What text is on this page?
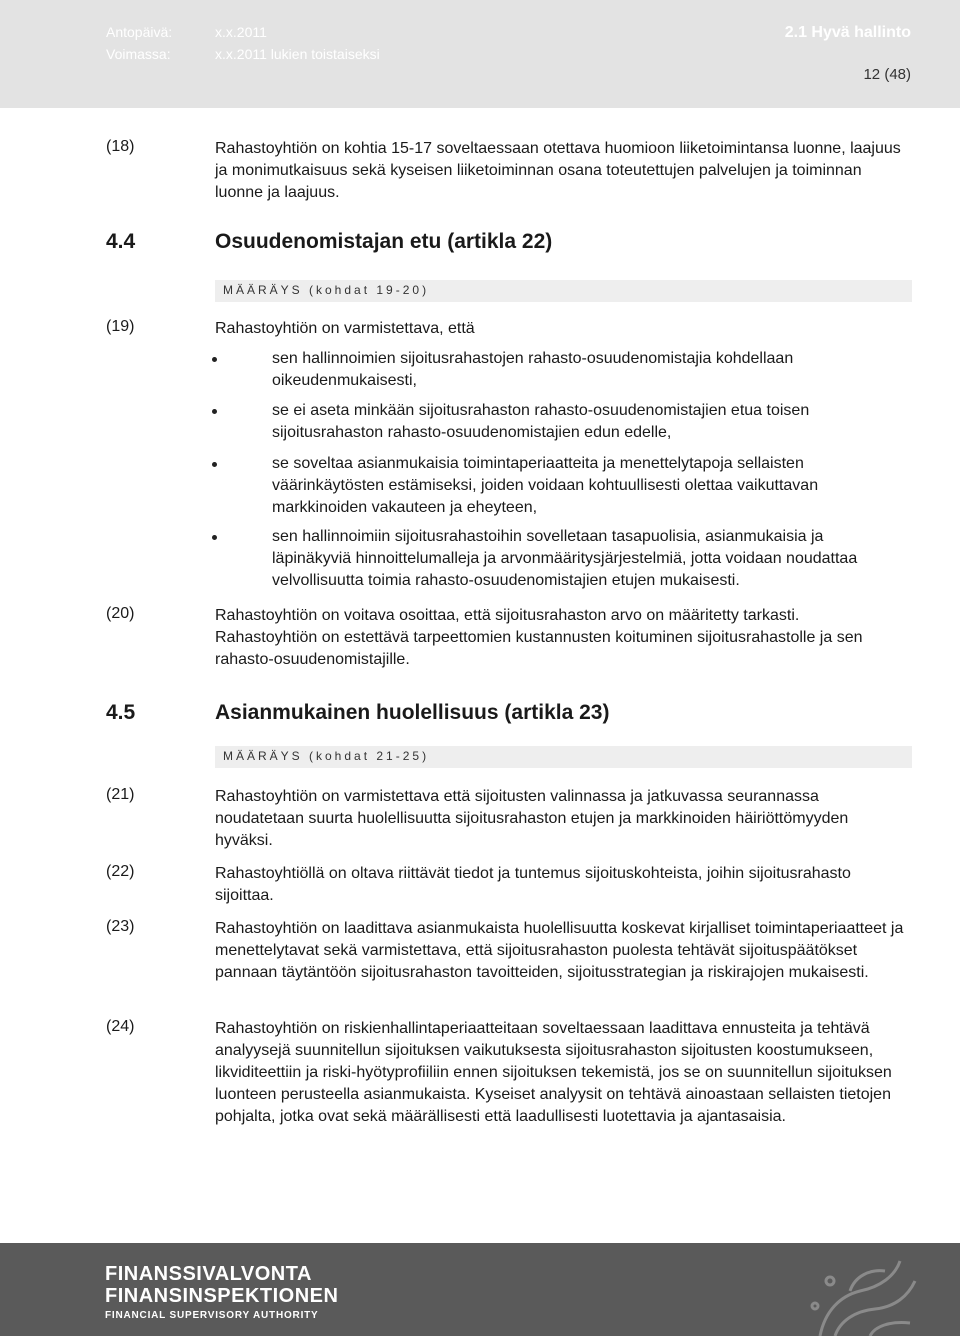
Antopäivä:	x.x.2011
Voimassa:	x.x.2011 lukien toistaiseksi
2.1 Hyvä hallinto
12 (48)
(18)	Rahastoyhtiön on kohtia 15-17 soveltaessaan otettava huomioon liiketoimintansa luonne, laajuus ja monimutkaisuus sekä kyseisen liiketoiminnan osana toteutettujen palvelujen ja toiminnan luonne ja laajuus.

4.4	Osuudenomistajan etu (artikla 22)
MÄÄRÄYS (kohdat 19-20)
(19)	Rahastoyhtiön on varmistettava, että

sen hallinnoimien sijoitusrahastojen rahasto-osuudenomistajia kohdellaan oikeudenmukaisesti,
se ei aseta minkään sijoitusrahaston rahasto-osuudenomistajien etua toisen sijoitusrahaston rahasto-osuudenomistajien edun edelle,
se soveltaa asianmukaisia toimintaperiaatteita ja menettelytapoja sellaisten väärinkäytösten estämiseksi, joiden voidaan kohtuullisesti olettaa vaikuttavan markkinoiden vakauteen ja eheyteen,
sen hallinnoimiin sijoitusrahastoihin sovelletaan tasapuolisia, asianmukaisia ja läpinäkyviä hinnoittelumalleja ja arvonmääritysjärjestelmiä, jotta voidaan noudattaa velvollisuutta toimia rahasto-osuudenomistajien etujen mukaisesti.
(20)	Rahastoyhtiön on voitava osoittaa, että sijoitusrahaston arvo on määritetty tarkasti. Rahastoyhtiön on estettävä tarpeettomien kustannusten koituminen sijoitusrahastolle ja sen rahasto-osuudenomistajille.

4.5	Asianmukainen huolellisuus (artikla 23)
MÄÄRÄYS (kohdat 21-25)
(21)	Rahastoyhtiön on varmistettava että sijoitusten valinnassa ja jatkuvassa seurannassa noudatetaan suurta huolellisuutta sijoitusrahaston etujen ja markkinoiden häiriöttömyyden hyväksi.

(22)	Rahastoyhtiöllä on oltava riittävät tiedot ja tuntemus sijoituskohteista, joihin sijoitusrahasto sijoittaa.

(23)	Rahastoyhtiön on laadittava asianmukaista huolellisuutta koskevat kirjalliset toimintaperiaatteet ja menettelytavat sekä varmistettava, että sijoitusrahaston puolesta tehtävät sijoituspäätökset pannaan täytäntöön sijoitusrahaston tavoitteiden, sijoitusstrategian ja riskirajojen mukaisesti.

(24)	Rahastoyhtiön on riskienhallintaperiaatteitaan soveltaessaan laadittava ennusteita ja tehtävä analyysejä suunnitellun sijoituksen vaikutuksesta sijoitusrahaston sijoitusten koostumukseen, likviditeettiin ja riski-hyötyprofiiliin ennen sijoituksen tekemistä, jos se on suunnitellun sijoituksen luonteen perusteella asianmukaista. Kyseiset analyysit on tehtävä ainoastaan sellaisten tietojen pohjalta, jotka ovat sekä määrällisesti että laadullisesti luotettavia ja ajantasaisia.

FINANSSIVALVONTA
FINANSINSPEKTIONEN
FINANCIAL SUPERVISORY AUTHORITY
